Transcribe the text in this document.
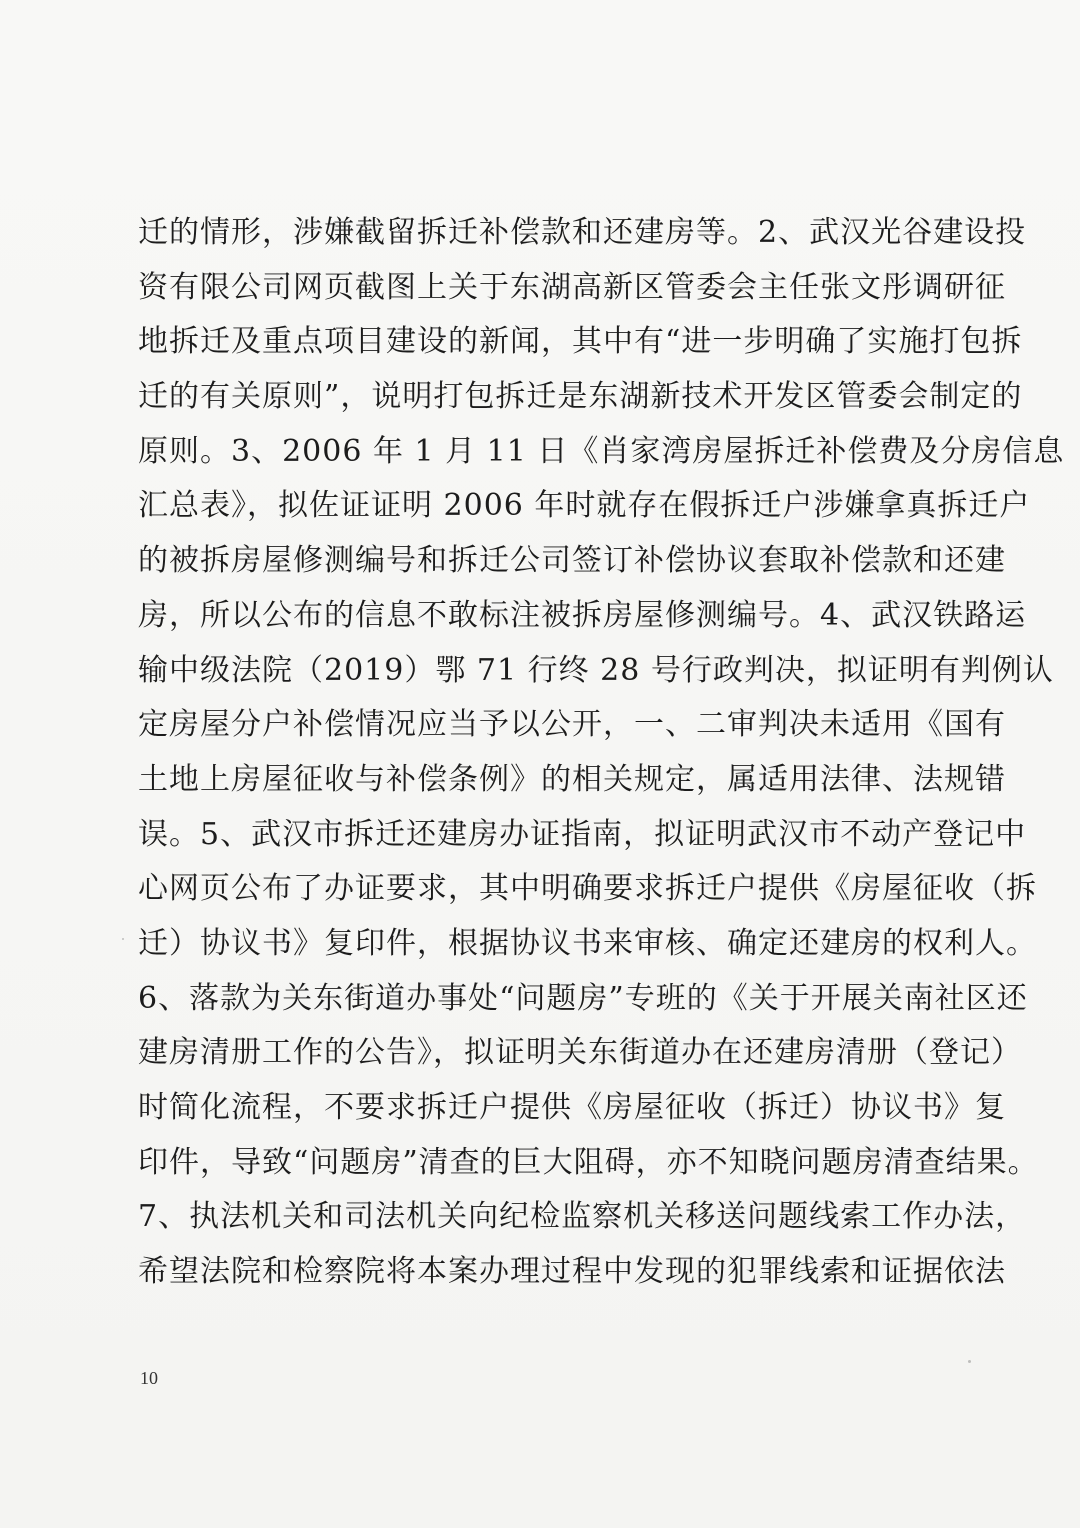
迁的情形，涉嫌截留拆迁补偿款和还建房等。2、武汉光谷建设投
资有限公司网页截图上关于东湖高新区管委会主任张文彤调研征
地拆迁及重点项目建设的新闻，其中有“进一步明确了实施打包拆
迁的有关原则”，说明打包拆迁是东湖新技术开发区管委会制定的
原则。3、2006 年 1 月 11 日《肖家湾房屋拆迁补偿费及分房信息
汇总表》，拟佐证证明 2006 年时就存在假拆迁户涉嫌拿真拆迁户
的被拆房屋修测编号和拆迁公司签订补偿协议套取补偿款和还建
房，所以公布的信息不敢标注被拆房屋修测编号。4、武汉铁路运
输中级法院（2019）鄂 71 行终 28 号行政判决，拟证明有判例认
定房屋分户补偿情况应当予以公开，一、二审判决未适用《国有
土地上房屋征收与补偿条例》的相关规定，属适用法律、法规错
误。5、武汉市拆迁还建房办证指南，拟证明武汉市不动产登记中
心网页公布了办证要求，其中明确要求拆迁户提供《房屋征收（拆
迁）协议书》复印件，根据协议书来审核、确定还建房的权利人。
6、落款为关东街道办事处“问题房”专班的《关于开展关南社区还
建房清册工作的公告》，拟证明关东街道办在还建房清册（登记）
时简化流程，不要求拆迁户提供《房屋征收（拆迁）协议书》复
印件，导致“问题房”清查的巨大阻碍，亦不知晓问题房清查结果。
7、执法机关和司法机关向纪检监察机关移送问题线索工作办法，
希望法院和检察院将本案办理过程中发现的犯罪线索和证据依法
10
